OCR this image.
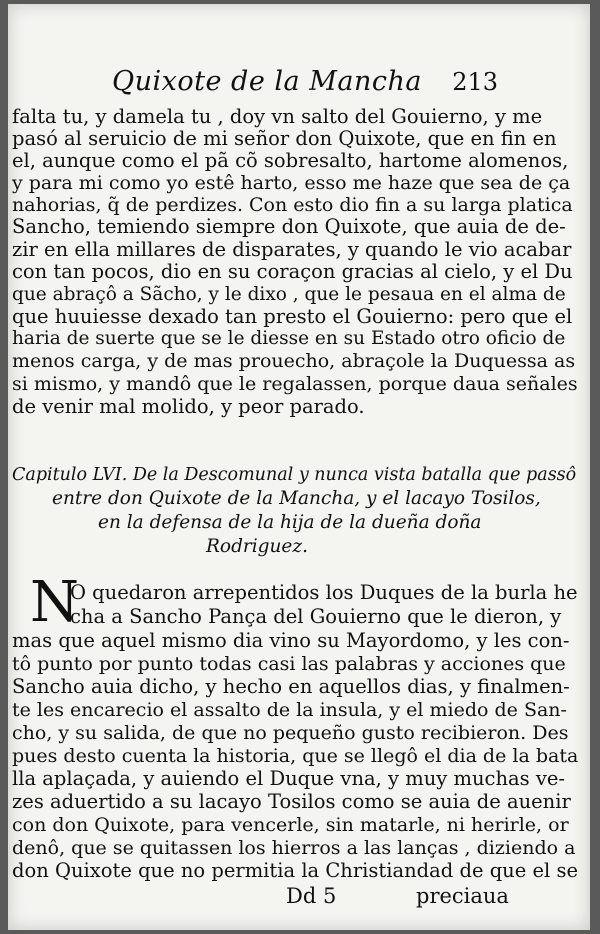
Quixote de la Mancha 213
falta tu, y damela tu , doy vn salto del Gouierno, y me
pasó al seruicio de mi señor don Quixote, que en fin en
el, aunque como el pã cõ sobresalto, hartome alomenos,
y para mi como yo estê harto, esso me haze que sea de ça
nahorias, q̃ de perdizes. Con esto dio fin a su larga platica
Sancho, temiendo siempre don Quixote, que auia de de-
zir en ella millares de disparates, y quando le vio acabar
con tan pocos, dio en su coraçon gracias al cielo, y el Du
que abraçô a Sãcho, y le dixo , que le pesaua en el alma de
que huuiesse dexado tan presto el Gouierno: pero que el
haria de suerte que se le diesse en su Estado otro oficio de
menos carga, y de mas prouecho, abraçole la Duquessa as
si mismo, y mandô que le regalassen, porque daua señales
de venir mal molido, y peor parado.
Capitulo LVI. De la Descomunal y nunca vista batalla que passô
entre don Quixote de la Mancha, y el lacayo Tosilos,
en la defensa de la hija de la dueña doña
Rodriguez.
N
O quedaron arrepentidos los Duques de la burla he
cha a Sancho Pança del Gouierno que le dieron, y
mas que aquel mismo dia vino su Mayordomo, y les con-
tô punto por punto todas casi las palabras y acciones que
Sancho auia dicho, y hecho en aquellos dias, y finalmen-
te les encarecio el assalto de la insula, y el miedo de San-
cho, y su salida, de que no pequeño gusto recibieron. Des
pues desto cuenta la historia, que se llegô el dia de la bata
lla aplaçada, y auiendo el Duque vna, y muy muchas ve-
zes aduertido a su lacayo Tosilos como se auia de auenir
con don Quixote, para vencerle, sin matarle, ni herirle, or
denô, que se quitassen los hierros a las lanças , diziendo a
don Quixote que no permitia la Christiandad de que el se
Dd 5	preciaua
